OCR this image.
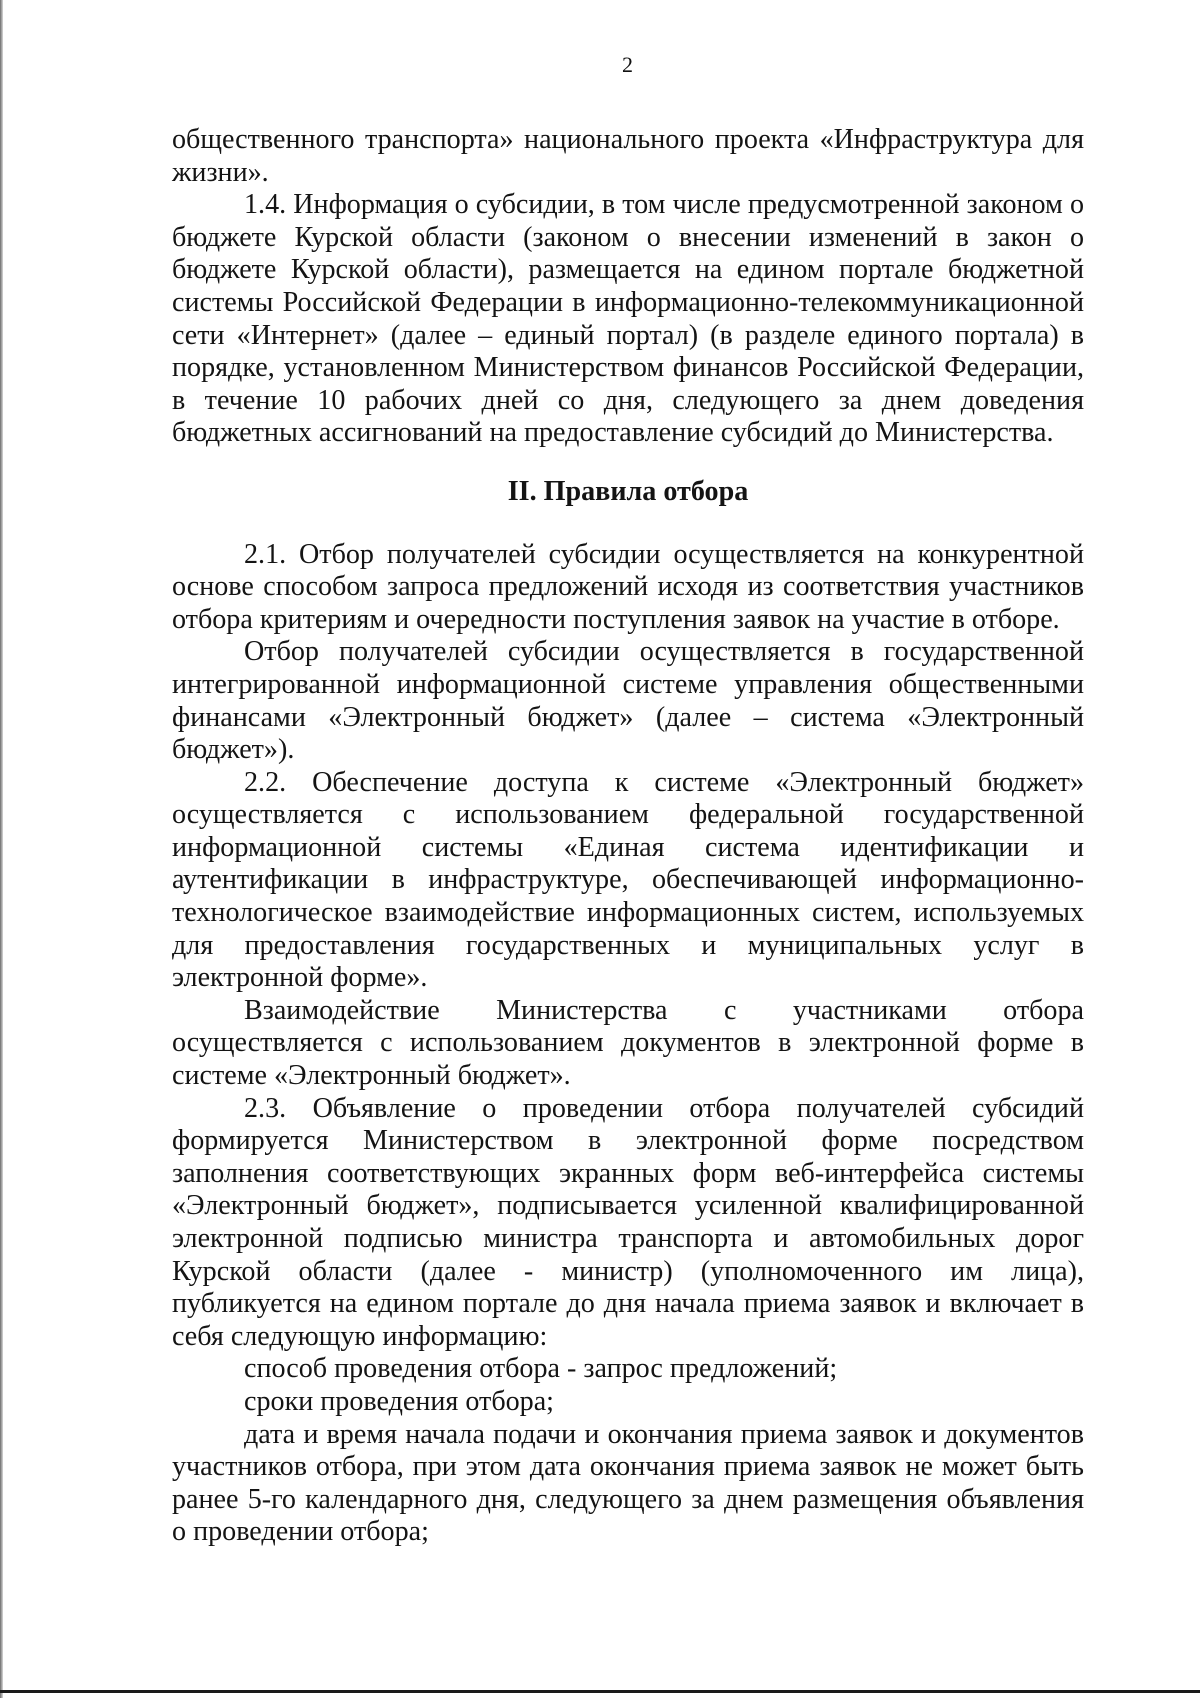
2

общественного транспорта» национального проекта «Инфраструктура для жизни».

1.4. Информация о субсидии, в том числе предусмотренной законом о бюджете Курской области (законом о внесении изменений в закон о бюджете Курской области), размещается на едином портале бюджетной системы Российской Федерации в информационно-телекоммуникационной сети «Интернет» (далее – единый портал) (в разделе единого портала) в порядке, установленном Министерством финансов Российской Федерации, в течение 10 рабочих дней со дня, следующего за днем доведения бюджетных ассигнований на предоставление субсидий до Министерства.

II. Правила отбора

2.1. Отбор получателей субсидии осуществляется на конкурентной основе способом запроса предложений исходя из соответствия участников отбора критериям и очередности поступления заявок на участие в отборе.

Отбор получателей субсидии осуществляется в государственной интегрированной информационной системе управления общественными финансами «Электронный бюджет» (далее – система «Электронный бюджет»).

2.2. Обеспечение доступа к системе «Электронный бюджет» осуществляется с использованием федеральной государственной информационной системы «Единая система идентификации и аутентификации в инфраструктуре, обеспечивающей информационно-технологическое взаимодействие информационных систем, используемых для предоставления государственных и муниципальных услуг в электронной форме».

Взаимодействие Министерства с участниками отбора осуществляется с использованием документов в электронной форме в системе «Электронный бюджет».

2.3. Объявление о проведении отбора получателей субсидий формируется Министерством в электронной форме посредством заполнения соответствующих экранных форм веб-интерфейса системы «Электронный бюджет», подписывается усиленной квалифицированной электронной подписью министра транспорта и автомобильных дорог Курской области (далее - министр) (уполномоченного им лица), публикуется на едином портале до дня начала приема заявок и включает в себя следующую информацию:

способ проведения отбора - запрос предложений;

сроки проведения отбора;

дата и время начала подачи и окончания приема заявок и документов участников отбора, при этом дата окончания приема заявок не может быть ранее 5-го календарного дня, следующего за днем размещения объявления о проведении отбора;
